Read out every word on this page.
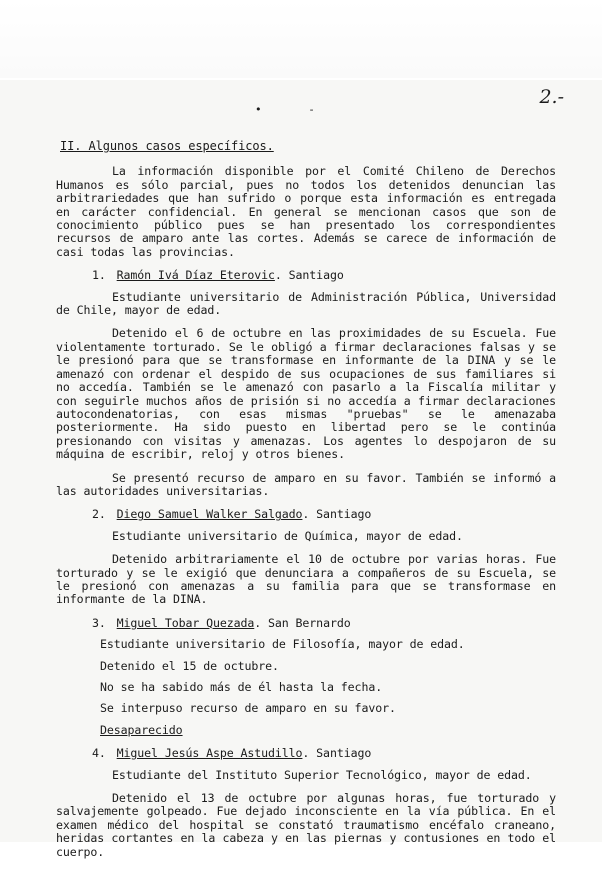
•	-
2.-
II. Algunos casos específicos.

La información disponible por el Comité Chileno de Derechos Humanos es sólo parcial, pues no todos los detenidos denuncian las arbitrariedades que han sufrido o porque esta información es entregada en carácter confidencial. En general se mencionan casos que son de conocimiento público pues se han presentado los correspondientes recursos de amparo ante las cortes. Además se carece de información de casi todas las provincias.

1. Ramón Ivá Díaz Eterovic. Santiago

Estudiante universitario de Administración Pública, Universidad de Chile, mayor de edad.

Detenido el 6 de octubre en las proximidades de su Escuela. Fue violentamente torturado. Se le obligó a firmar declaraciones falsas y se le presionó para que se transformase en informante de la DINA y se le amenazó con ordenar el despido de sus ocupaciones de sus familiares si no accedía. También se le amenazó con pasarlo a la Fiscalía militar y con seguirle muchos años de prisión si no accedía a firmar declaraciones autocondenatorias, con esas mismas "pruebas" se le amenazaba posteriormente. Ha sido puesto en libertad pero se le continúa presionando con visitas y amenazas. Los agentes lo despojaron de su máquina de escribir, reloj y otros bienes.

Se presentó recurso de amparo en su favor. También se informó a las autoridades universitarias.

2. Diego Samuel Walker Salgado. Santiago

Estudiante universitario de Química, mayor de edad.

Detenido arbitrariamente el 10 de octubre por varias horas. Fue torturado y se le exigió que denunciara a compañeros de su Escuela, se le presionó con amenazas a su familia para que se transformase en informante de la DINA.

3. Miguel Tobar Quezada. San Bernardo
Estudiante universitario de Filosofía, mayor de edad.
Detenido el 15 de octubre.
No se ha sabido más de él hasta la fecha.
Se interpuso recurso de amparo en su favor.
Desaparecido
4. Miguel Jesús Aspe Astudillo. Santiago

Estudiante del Instituto Superior Tecnológico, mayor de edad.

Detenido el 13 de octubre por algunas horas, fue torturado y salvajemente golpeado. Fue dejado inconsciente en la vía pública. En el examen médico del hospital se constató traumatismo encéfalo craneano, heridas cortantes en la cabeza y en las piernas y contusiones en todo el cuerpo.
